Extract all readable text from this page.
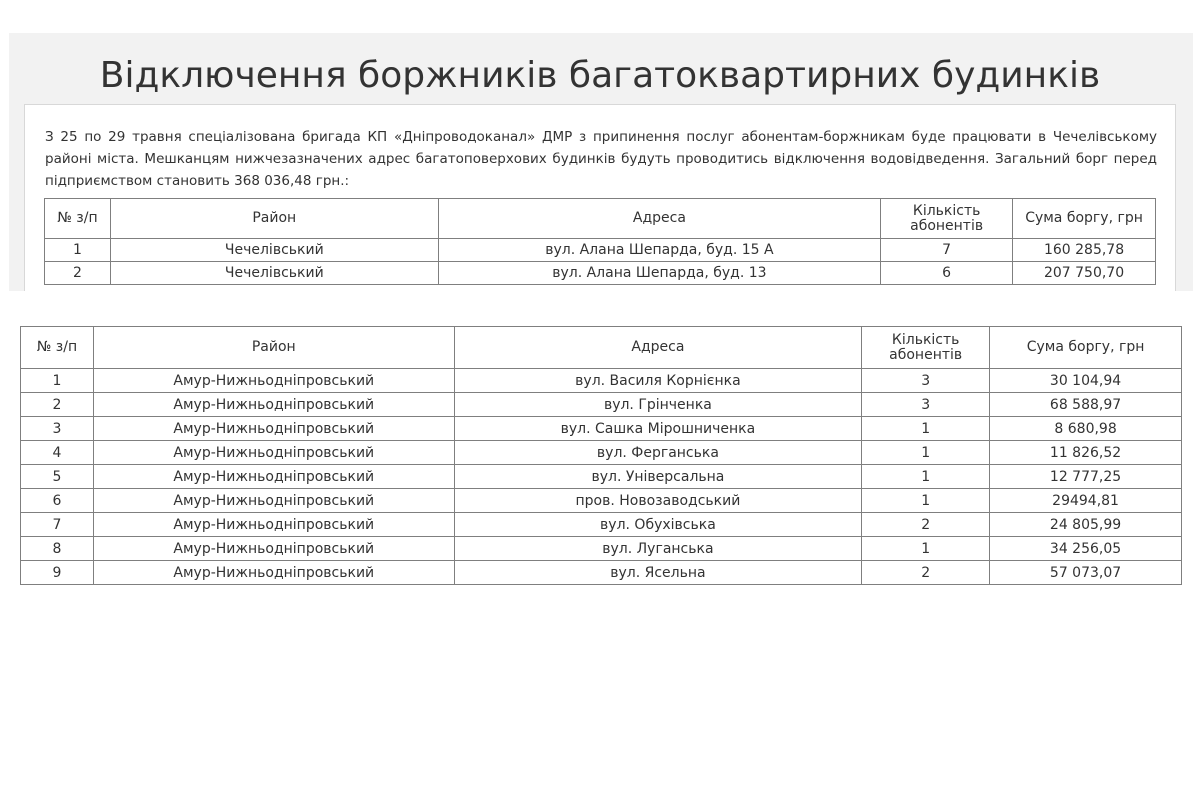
Відключення боржників багатоквартирних будинків

З 25 по 29 травня спеціалізована бригада КП «Дніпроводоканал» ДМР з припинення послуг абонентам-боржникам буде працювати в Чечелівському районі міста. Мешканцям нижчезазначених адрес багатоповерхових будинків будуть проводитись відключення водовідведення. Загальний борг перед підприємством становить 368 036,48 грн.:

№ з/п	Район	Адреса	Кількість абонентів	Сума боргу, грн
1	Чечелівський	вул. Алана Шепарда, буд. 15 А	7	160 285,78
2	Чечелівський	вул. Алана Шепарда, буд. 13	6	207 750,70
№ з/п	Район	Адреса	Кількість абонентів	Сума боргу, грн
1	Амур-Нижньодніпровський	вул. Василя Корнієнка	3	30 104,94
2	Амур-Нижньодніпровський	вул. Грінченка	3	68 588,97
3	Амур-Нижньодніпровський	вул. Сашка Мірошниченка	1	8 680,98
4	Амур-Нижньодніпровський	вул. Ферганська	1	11 826,52
5	Амур-Нижньодніпровський	вул. Універсальна	1	12 777,25
6	Амур-Нижньодніпровський	пров. Новозаводський	1	29494,81
7	Амур-Нижньодніпровський	вул. Обухівська	2	24 805,99
8	Амур-Нижньодніпровський	вул. Луганська	1	34 256,05
9	Амур-Нижньодніпровський	вул. Ясельна	2	57 073,07
